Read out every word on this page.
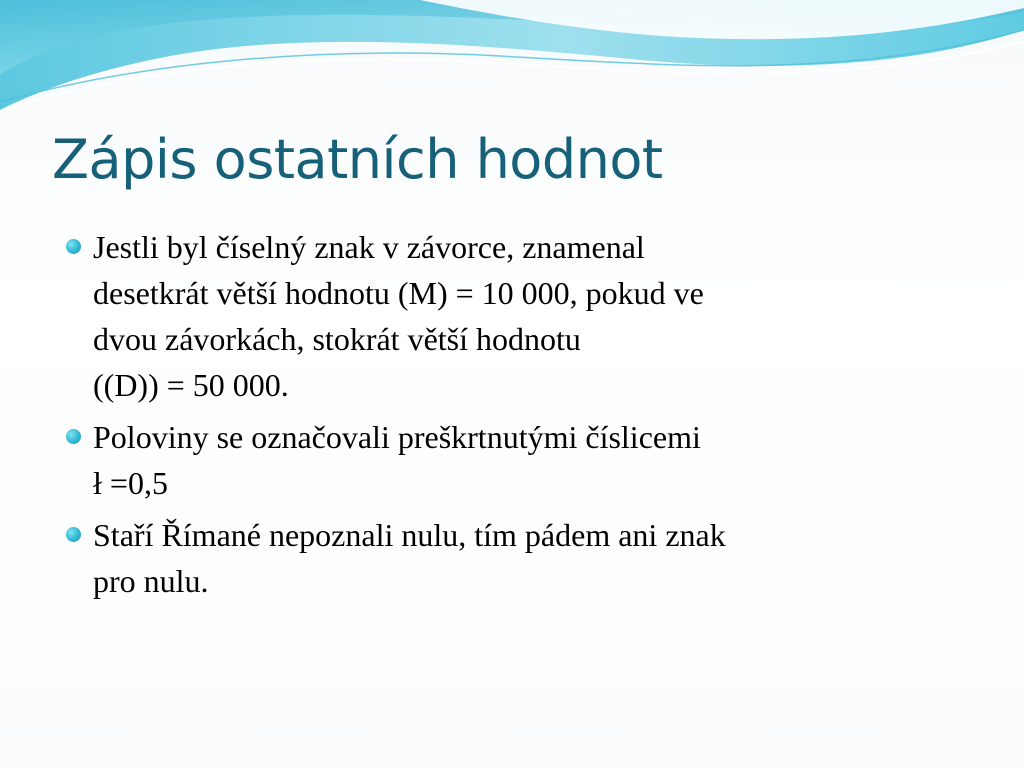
Zápis ostatních hodnot
Jestli byl číselný znak v závorce, znamenal
desetkrát větší hodnotu (M) = 10 000, pokud ve
dvou závorkách, stokrát větší hodnotu
((D)) = 50 000.
Poloviny se označovali preškrtnutými číslicemi
ł =0,5
Staří Římané nepoznali nulu, tím pádem ani znak
pro nulu.
